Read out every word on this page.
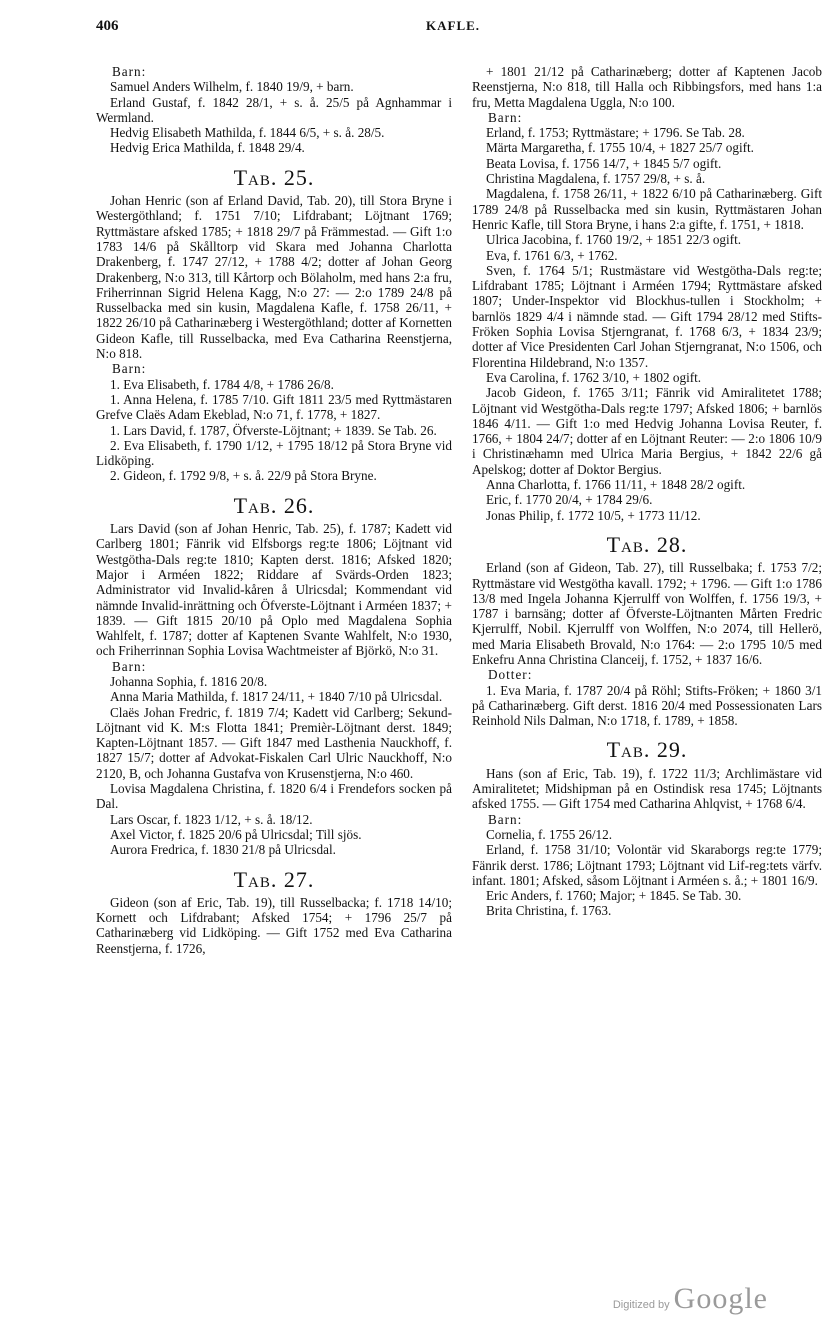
406	KAFLE.

Barn:

Samuel Anders Wilhelm, f. 1840 19/9, + barn.

Erland Gustaf, f. 1842 28/1, + s. å. 25/5 på Agnhammar i Wermland.

Hedvig Elisabeth Mathilda, f. 1844 6/5, + s. å. 28/5.

Hedvig Erica Mathilda, f. 1848 29/4.

Tab. 25.

Johan Henric (son af Erland David, Tab. 20), till Stora Bryne i Westergöthland; f. 1751 7/10; Lifdrabant; Löjtnant 1769; Ryttmästare afsked 1785; + 1818 29/7 på Främmestad. — Gift 1:o 1783 14/6 på Skålltorp vid Skara med Johanna Charlotta Drakenberg, f. 1747 27/12, + 1788 4/2; dotter af Johan Georg Drakenberg, N:o 313, till Kårtorp och Bölaholm, med hans 2:a fru, Friherrinnan Sigrid Helena Kagg, N:o 27: — 2:o 1789 24/8 på Russelbacka med sin kusin, Magdalena Kafle, f. 1758 26/11, + 1822 26/10 på Catharinæberg i Westergöthland; dotter af Kornetten Gideon Kafle, till Russelbacka, med Eva Catharina Reenstjerna, N:o 818.

Barn:

1. Eva Elisabeth, f. 1784 4/8, + 1786 26/8.

1. Anna Helena, f. 1785 7/10. Gift 1811 23/5 med Ryttmästaren Grefve Claës Adam Ekeblad, N:o 71, f. 1778, + 1827.

1. Lars David, f. 1787, Öfverste-Löjtnant; + 1839. Se Tab. 26.

2. Eva Elisabeth, f. 1790 1/12, + 1795 18/12 på Stora Bryne vid Lidköping.

2. Gideon, f. 1792 9/8, + s. å. 22/9 på Stora Bryne.

Tab. 26.

Lars David (son af Johan Henric, Tab. 25), f. 1787; Kadett vid Carlberg 1801; Fänrik vid Elfsborgs reg:te 1806; Löjtnant vid Westgötha-Dals reg:te 1810; Kapten derst. 1816; Afsked 1820; Major i Arméen 1822; Riddare af Svärds-Orden 1823; Administrator vid Invalid-kåren å Ulricsdal; Kommendant vid nämnde Invalid-inrättning och Öfverste-Löjtnant i Arméen 1837; + 1839. — Gift 1815 20/10 på Oplo med Magdalena Sophia Wahlfelt, f. 1787; dotter af Kaptenen Svante Wahlfelt, N:o 1930, och Friherrinnan Sophia Lovisa Wachtmeister af Björkö, N:o 31.

Barn:

Johanna Sophia, f. 1816 20/8.

Anna Maria Mathilda, f. 1817 24/11, + 1840 7/10 på Ulricsdal.

Claës Johan Fredric, f. 1819 7/4; Kadett vid Carlberg; Sekund-Löjtnant vid K. M:s Flotta 1841; Premièr-Löjtnant derst. 1849; Kapten-Löjtnant 1857. — Gift 1847 med Lasthenia Nauckhoff, f. 1827 15/7; dotter af Advokat-Fiskalen Carl Ulric Nauckhoff, N:o 2120, B, och Johanna Gustafva von Krusenstjerna, N:o 460.

Lovisa Magdalena Christina, f. 1820 6/4 i Frendefors socken på Dal.

Lars Oscar, f. 1823 1/12, + s. å. 18/12.

Axel Victor, f. 1825 20/6 på Ulricsdal; Till sjös.

Aurora Fredrica, f. 1830 21/8 på Ulricsdal.

Tab. 27.

Gideon (son af Eric, Tab. 19), till Russelbacka; f. 1718 14/10; Kornett och Lifdrabant; Afsked 1754; + 1796 25/7 på Catharinæberg vid Lidköping. — Gift 1752 med Eva Catharina Reenstjerna, f. 1726,

+ 1801 21/12 på Catharinæberg; dotter af Kaptenen Jacob Reenstjerna, N:o 818, till Halla och Ribbingsfors, med hans 1:a fru, Metta Magdalena Uggla, N:o 100.

Barn:

Erland, f. 1753; Ryttmästare; + 1796. Se Tab. 28.

Märta Margaretha, f. 1755 10/4, + 1827 25/7 ogift.

Beata Lovisa, f. 1756 14/7, + 1845 5/7 ogift.

Christina Magdalena, f. 1757 29/8, + s. å.

Magdalena, f. 1758 26/11, + 1822 6/10 på Catharinæberg. Gift 1789 24/8 på Russelbacka med sin kusin, Ryttmästaren Johan Henric Kafle, till Stora Bryne, i hans 2:a gifte, f. 1751, + 1818.

Ulrica Jacobina, f. 1760 19/2, + 1851 22/3 ogift.

Eva, f. 1761 6/3, + 1762.

Sven, f. 1764 5/1; Rustmästare vid Westgötha-Dals reg:te; Lifdrabant 1785; Löjtnant i Arméen 1794; Ryttmästare afsked 1807; Under-Inspektor vid Blockhus-tullen i Stockholm; + barnlös 1829 4/4 i nämnde stad. — Gift 1794 28/12 med Stifts-Fröken Sophia Lovisa Stjerngranat, f. 1768 6/3, + 1834 23/9; dotter af Vice Presidenten Carl Johan Stjerngranat, N:o 1506, och Florentina Hildebrand, N:o 1357.

Eva Carolina, f. 1762 3/10, + 1802 ogift.

Jacob Gideon, f. 1765 3/11; Fänrik vid Amiralitetet 1788; Löjtnant vid Westgötha-Dals reg:te 1797; Afsked 1806; + barnlös 1846 4/11. — Gift 1:o med Hedvig Johanna Lovisa Reuter, f. 1766, + 1804 24/7; dotter af en Löjtnant Reuter: — 2:o 1806 10/9 i Christinæhamn med Ulrica Maria Bergius, + 1842 22/6 gå Apelskog; dotter af Doktor Bergius.

Anna Charlotta, f. 1766 11/11, + 1848 28/2 ogift.

Eric, f. 1770 20/4, + 1784 29/6.

Jonas Philip, f. 1772 10/5, + 1773 11/12.

Tab. 28.

Erland (son af Gideon, Tab. 27), till Russelbaka; f. 1753 7/2; Ryttmästare vid Westgötha kavall. 1792; + 1796. — Gift 1:o 1786 13/8 med Ingela Johanna Kjerrulff von Wolffen, f. 1756 19/3, + 1787 i barnsäng; dotter af Öfverste-Löjtnanten Mårten Fredric Kjerrulff, Nobil. Kjerrulff von Wolffen, N:o 2074, till Hellerö, med Maria Elisabeth Brovald, N:o 1764: — 2:o 1795 10/5 med Enkefru Anna Christina Clanceij, f. 1752, + 1837 16/6.

Dotter:

1. Eva Maria, f. 1787 20/4 på Röhl; Stifts-Fröken; + 1860 3/1 på Catharinæberg. Gift derst. 1816 20/4 med Possessionaten Lars Reinhold Nils Dalman, N:o 1718, f. 1789, + 1858.

Tab. 29.

Hans (son af Eric, Tab. 19), f. 1722 11/3; Archlimästare vid Amiralitetet; Midshipman på en Ostindisk resa 1745; Löjtnants afsked 1755. — Gift 1754 med Catharina Ahlqvist, + 1768 6/4.

Barn:

Cornelia, f. 1755 26/12.

Erland, f. 1758 31/10; Volontär vid Skaraborgs reg:te 1779; Fänrik derst. 1786; Löjtnant 1793; Löjtnant vid Lif-reg:tets värfv. infant. 1801; Afsked, såsom Löjtnant i Arméen s. å.; + 1801 16/9.

Eric Anders, f. 1760; Major; + 1845. Se Tab. 30.

Brita Christina, f. 1763.

Digitized by Google
